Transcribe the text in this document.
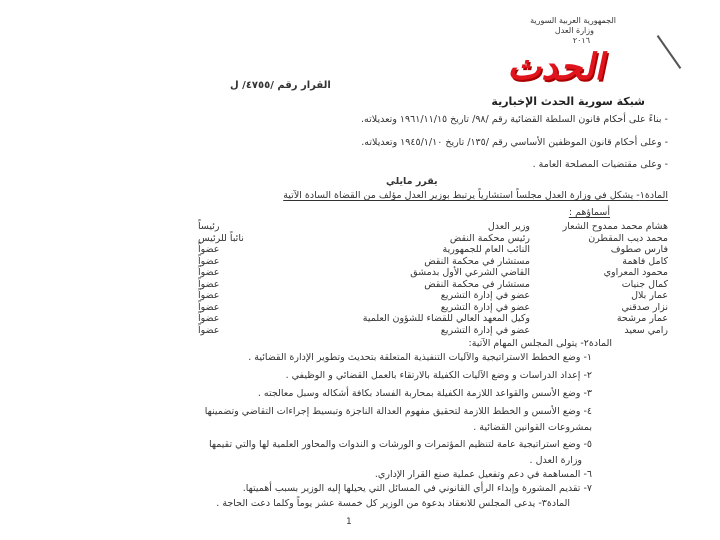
الجمهورية العربية السورية
وزارة العدل
٢٠١٦
الحدث
شبكة سورية الحدث الإخبارية
القرار رقم /٤٧٥٥/ ل
- بناءً على أحكام قانون السلطة القضائية رقم /٩٨/ تاريخ ١٩٦١/١١/١٥ وتعديلاته.
- وعلى أحكام قانون الموظفين الأساسي رقم /١٣٥/ تاريخ ١٩٤٥/١/١٠ وتعديلاته.
- وعلى مقتضيات المصلحة العامة .
يقرر مايلي
المادة١- يشكل في وزارة العدل مجلساً استشارياً يرتبط بوزير العدل مؤلف من القضاة السادة الآتية
أسماؤهم :
هشام محمد ممدوح الشعار
وزير العدل
رئيساً
محمد ديب المقطرن
رئيس محكمة النقض
نائباً للرئيس
فارس صطوف
النائب العام للجمهورية
عضواً
كامل فاهمة
مستشار في محكمة النقض
عضواً
محمود المعراوي
القاضي الشرعي الأول بدمشق
عضواً
كمال جنيات
مستشار في محكمة النقض
عضواً
عمار بلال
عضو في إدارة التشريع
عضواً
نزار صدقني
عضو في إدارة التشريع
عضواً
عمار مرشحة
وكيل المعهد العالي للقضاء للشؤون العلمية
عضواً
رامي سعيد
عضو في إدارة التشريع
عضواً
المادة٢- يتولى المجلس المهام الآتية:
١- وضع الخطط الاستراتيجية والآليات التنفيذية المتعلقة بتحديث وتطوير الإدارة القضائية .
٢- إعداد الدراسات و وضع الآليات الكفيلة بالارتقاء بالعمل القضائي و الوظيفي .
٣- وضع الأسس والقواعد اللازمة الكفيلة بمحاربة الفساد بكافة أشكاله وسبل معالجته .
٤- وضع الأسس و الخطط اللازمة لتحقيق مفهوم العدالة الناجزة وتبسيط إجراءات التقاضي وتضمينها
بمشروعات القوانين القضائية .
٥- وضع استراتيجية عامة لتنظيم المؤتمرات و الورشات و الندوات والمحاور العلمية لها والتي تقيمها
وزارة العدل .
٦- المساهمة في دعم وتفعيل عملية صنع القرار الإداري.
٧- تقديم المشورة وإبداء الرأي القانوني في المسائل التي يحيلها إليه الوزير بسبب أهميتها.
المادة٣- يدعى المجلس للانعقاد بدعوة من الوزير كل خمسة عشر يوماً وكلما دعت الحاجة .
1
